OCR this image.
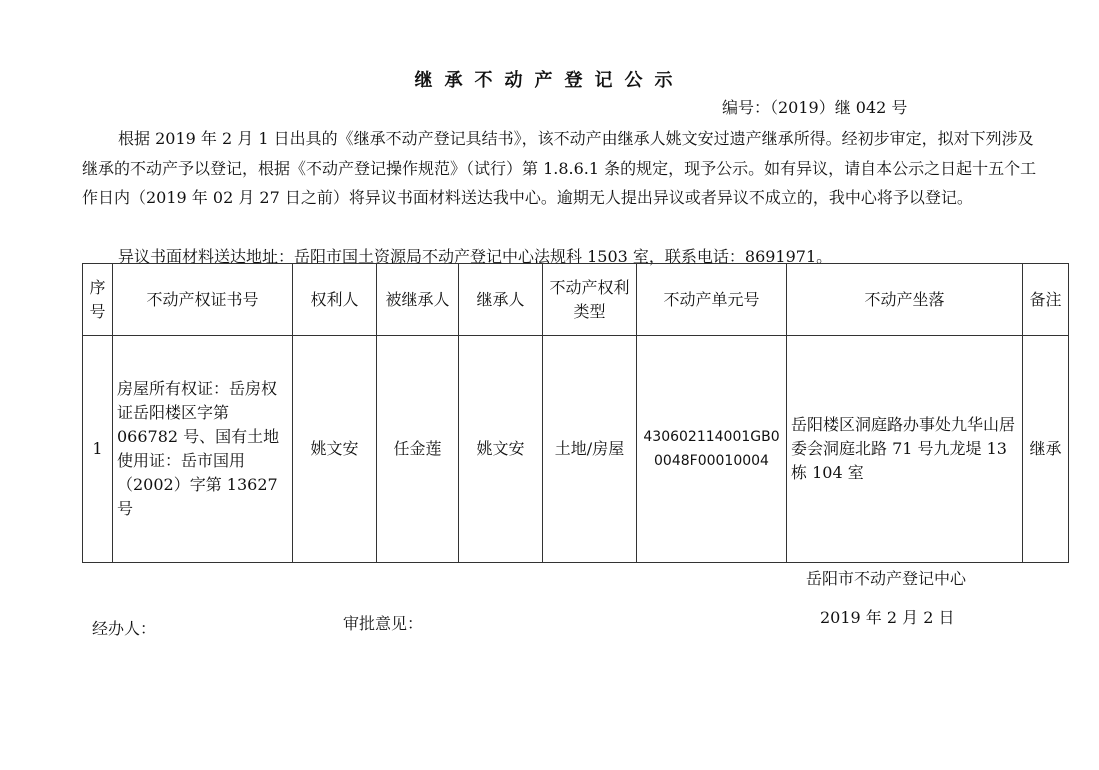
继承不动产登记公示
编号：（2019）继 042 号
根据 2019 年 2 月 1 日出具的《继承不动产登记具结书》，该不动产由继承人姚文安过遗产继承所得。经初步审定，拟对下列涉及继承的不动产予以登记，根据《不动产登记操作规范》（试行）第 1.8.6.1 条的规定，现予公示。如有异议，请自本公示之日起十五个工作日内（2019 年 02 月 27 日之前）将异议书面材料送达我中心。逾期无人提出异议或者异议不成立的，我中心将予以登记。
异议书面材料送达地址：岳阳市国土资源局不动产登记中心法规科 1503 室，联系电话：8691971。
序号	不动产权证书号	权利人	被继承人	继承人	不动产权利类型	不动产单元号	不动产坐落	备注
1	房屋所有权证：岳房权证岳阳楼区字第 066782 号、国有土地使用证：岳市国用（2002）字第 13627 号	姚文安	任金莲	姚文安	土地/房屋	430602114001GB00048F00010004	岳阳楼区洞庭路办事处九华山居委会洞庭北路 71 号九龙堤 13 栋 104 室	继承
岳阳市不动产登记中心
2019 年 2 月 2 日
经办人：	审批意见：
